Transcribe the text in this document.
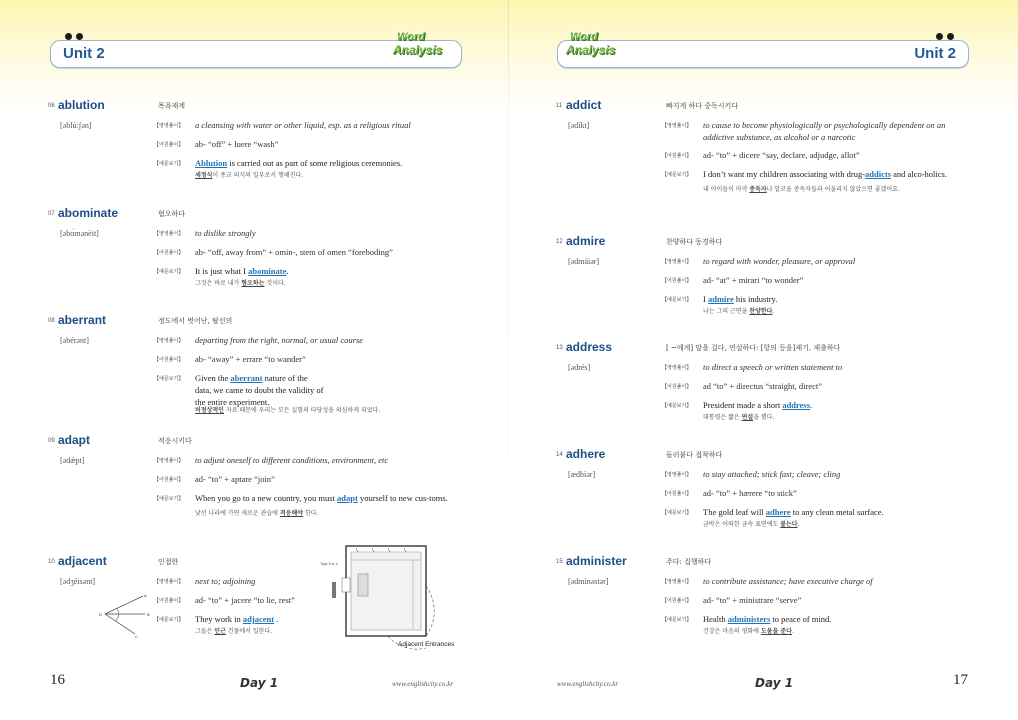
Unit 2
Word
Analysis
06 ablution	목욕재계
[əblúːʃən]	【영영풀이】 a cleansing with water or other liquid, esp. as a religious ritual
【어원풀이】 ab- “off” + luere “wash”
【예문보기】 Ablution is carried out as part of some religious ceremonies.
세정식이 종교 의식의 일부로서 행해진다.
07 abominate	혐오하다
[əbɑ́mənèit]	【영영풀이】 to dislike strongly
【어원풀이】 ab- “off, away from” + omin-, stem of omen “foreboding”
【예문보기】 It is just what I abominate.
그것은 바로 내가 혐오하는 것이다.
08 aberrant	정도에서 벗어난, 탈선의
[əbérənt]	【영영풀이】 departing from the right, normal, or usual course
【어원풀이】 ab- “away” + errare “to wander”
【예문보기】 Given the aberrant nature of the data, we came to doubt the validity of the entire experiment.
비정상적인 자료 때문에 우리는 모든 실험의 타당성을 의심하게 되었다.
09 adapt	적응시키다
[ədǽpt]	【영영풀이】 to adjust oneself to different conditions, environment, etc
【어원풀이】 ad- “to” + aptare “join”
【예문보기】 When you go to a new country, you must adapt yourself to new cus-toms.
낯선 나라에 가면 새로운 관습에 적응해야 한다.
10 adjacent	인접한
[ədʒéisənt]	【영영풀이】 next to; adjoining
【어원풀이】 ad- “to” + jacere “to lie, rest”
【예문보기】 They work in adjacent .
그들은 인근 건물에서 일한다.
D	B
A
C
Adjacent Entrances
Type 3 or 4
16	Day 1	www.englishcity.co.kr
Unit 2
Word
Analysis
11 addict	빠지게 하다 중독시키다
[ədíkt]	【영영풀이】 to cause to become physiologically or psychologically dependent on an addictive substance, as alcohol or a narcotic
【어원풀이】 ad- “to” + dicere “say, declare, adjudge, allot”
【예문보기】 I don’t want my children associating with drug-addicts and alco-holics.
내 아이들이 마약 중독자나 알코올 중독자들과 어울리지 않았으면 좋겠어요.
12 admire	찬양하다 동경하다
[ədmáiər]	【영영풀이】 to regard with wonder, pleasure, or approval
【어원풀이】 ad- “at” + mirari “to wonder”
【예문보기】 I admire his industry.
나는 그의 근면을 찬양한다.
13 address	[ ~에게] 말을 걸다, 연설하다: [항의 등을]제기, 제출하다
[ədrés]	【영영풀이】 to direct a speech or written statement to
【어원풀이】 ad “to” + directus “straight, direct”
【예문보기】 President made a short address.
대통령은 짧은 연설을 했다.
14 adhere	들러붙다 접착하다
[ædhíər]	【영영풀이】 to stay attached; stick fast; cleave; cling
【어원풀이】 ad- “to” + hærere “to stick”
【예문보기】 The gold leaf will adhere to any clean metal surface.
금박은 어떠한 금속 표면에도 붙는다.
15 administer	주다: 집행하다
[ədmínəstər]	【영영풀이】 to contribute assistance; have executive charge of
【어원풀이】 ad- “to” + ministrare “serve”
【예문보기】 Health administers to peace of mind.
건강은 마음의 평화에 도움을 준다.
17
Day 1
www.englishcity.co.kr
